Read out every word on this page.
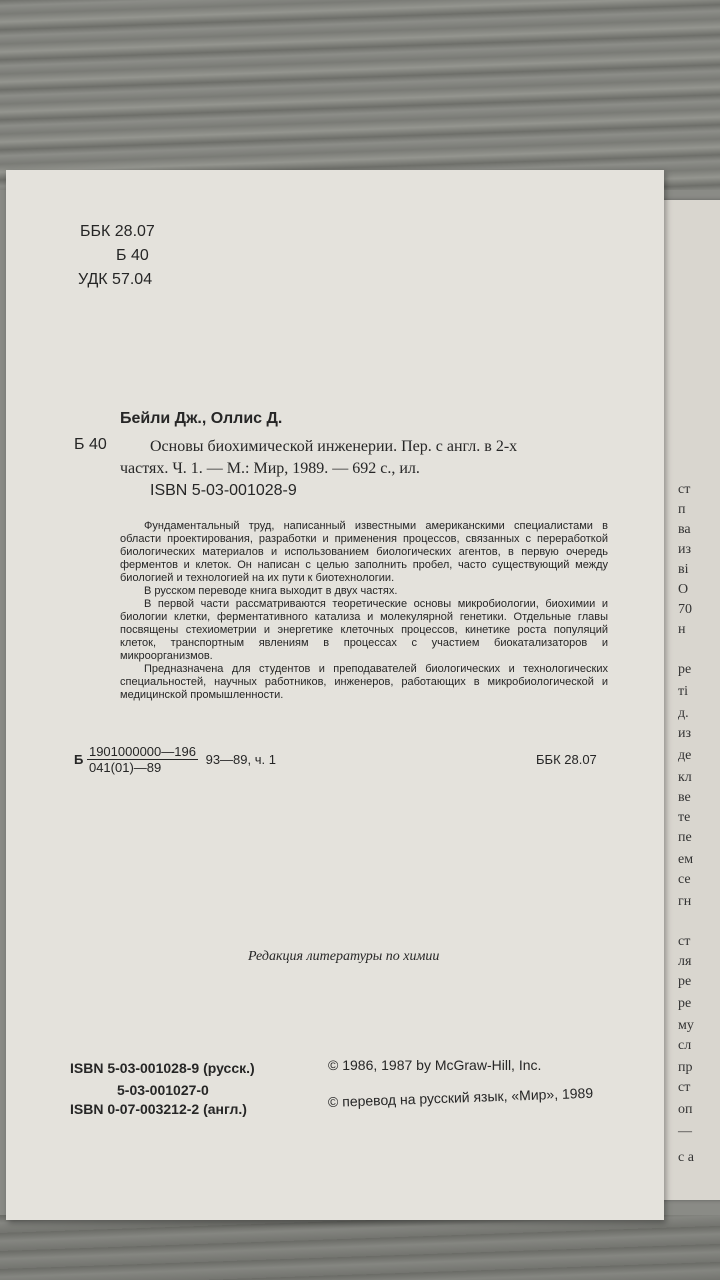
ББК 28.07
Б 40
УДК 57.04
Бейли Дж., Оллис Д.
Б 40	Основы биохимической инженерии. Пер. с англ. в 2-х
частях. Ч. 1. — М.: Мир, 1989. — 692 с., ил.
ISBN 5-03-001028-9

Фундаментальный труд, написанный известными американскими специалистами в области проектирования, разработки и применения процессов, связанных с переработкой биологических материалов и использованием биологических агентов, в первую очередь ферментов и клеток. Он написан с целью заполнить пробел, часто существующий между биологией и технологией на их пути к биотехнологии.

В русском переводе книга выходит в двух частях.

В первой части рассматриваются теоретические основы микробиологии, биохимии и биологии клетки, ферментативного катализа и молекулярной генетики. Отдельные главы посвящены стехиометрии и энергетике клеточных процессов, кинетике роста популяций клеток, транспортным явлениям в процессах с участием биокатализаторов и микроорганизмов.

Предназначена для студентов и преподавателей биологических и технологических специальностей, научных работников, инженеров, работающих в микробиологической и медицинской промышленности.

Б $\frac{1901000000—196}{041(01)—89}$ 93—89, ч. 1	ББК 28.07
Редакция литературы по химии
ISBN 5-03-001028-9 (русск.)
5-03-001027-0
ISBN 0-07-003212-2 (англ.)
© 1986, 1987 by McGraw-Hill, Inc.
© перевод на русский язык, «Мир», 1989
ст
п
ва
из
ві
О
70
н
ре
ті
д.
из
де
кл
ве
те
пе
ем
се
гн
ст
ля
ре
ре
му
сл
пр
ст
оп
—
с а
